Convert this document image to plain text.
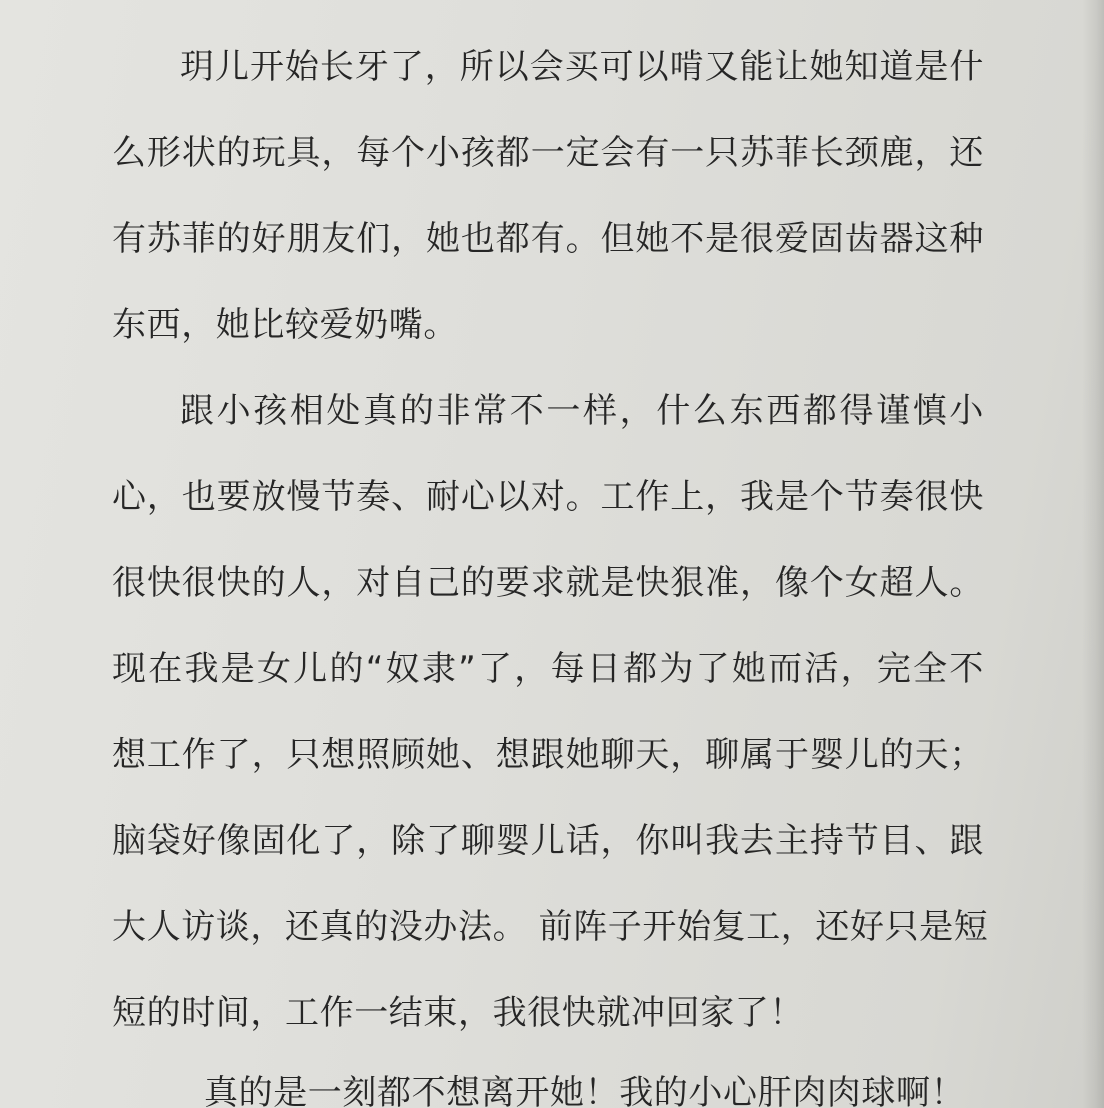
玥儿开始长牙了，所以会买可以啃又能让她知道是什
么形状的玩具，每个小孩都一定会有一只苏菲长颈鹿，还
有苏菲的好朋友们，她也都有。但她不是很爱固齿器这种
东西，她比较爱奶嘴。
跟小孩相处真的非常不一样，什么东西都得谨慎小
心，也要放慢节奏、耐心以对。工作上，我是个节奏很快
很快很快的人，对自己的要求就是快狠准，像个女超人。
现在我是女儿的“奴隶”了，每日都为了她而活，完全不
想工作了，只想照顾她、想跟她聊天，聊属于婴儿的天；
脑袋好像固化了，除了聊婴儿话，你叫我去主持节目、跟
大人访谈，还真的没办法。 前阵子开始复工，还好只是短
短的时间，工作一结束，我很快就冲回家了！
真的是一刻都不想离开她！我的小心肝肉肉球啊！
